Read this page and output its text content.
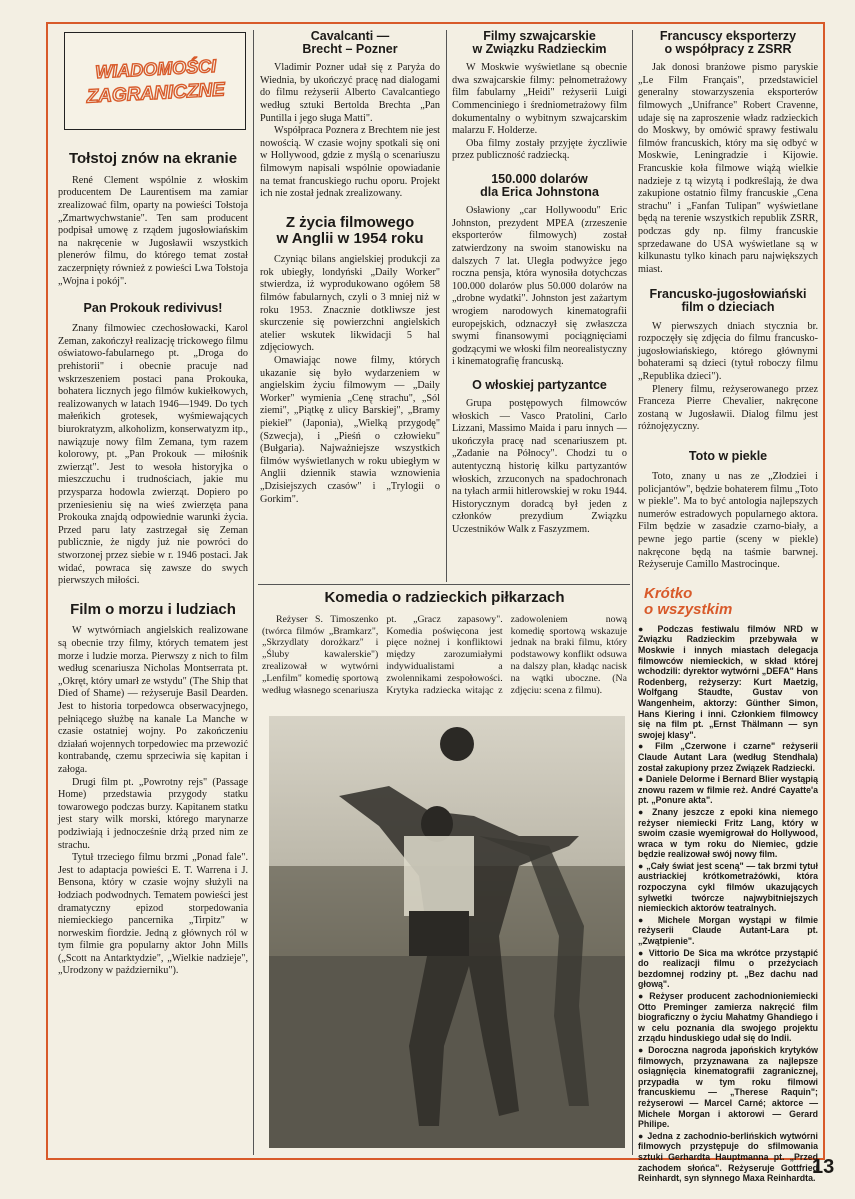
WIADOMOŚCI
ZAGRANICZNE

Tołstoj znów na ekranie

René Clement wspólnie z włoskim producentem De Laurentisem ma zamiar zrealizować film, oparty na powieści Tołstoja „Zmartwychwstanie". Ten sam producent podpisał umowę z rządem jugosłowiańskim na nakręcenie w Jugosławii wszystkich plenerów filmu, do którego temat został zaczerpnięty również z powieści Lwa Tołstoja „Wojna i pokój".

Pan Prokouk redivivus!

Znany filmowiec czechosłowacki, Karol Zeman, zakończył realizację trickowego filmu oświatowo-fabularnego pt. „Droga do prehistorii" i obecnie pracuje nad wskrzeszeniem postaci pana Prokouka, bohatera licznych jego filmów kukiełkowych, realizowanych w latach 1946—1949. Do tych małeńkich grotesek, wyśmiewających biurokratyzm, alkoholizm, konserwatyzm itp., nawiązuje nowy film Zemana, tym razem kolorowy, pt. „Pan Prokouk — miłośnik zwierząt". Jest to wesoła historyjka o mieszczuchu i trudnościach, jakie mu przysparza hodowla zwierząt. Dopiero po przeniesieniu się na wieś zwierzęta pana Prokouka znajdą odpowiednie warunki życia. Przed paru laty zastrzegał się Zeman publicznie, że nigdy już nie powróci do stworzonej przez siebie w r. 1946 postaci. Jak widać, powraca się zawsze do swych pierwszych miłości.

Film o morzu i ludziach

W wytwórniach angielskich realizowane są obecnie trzy filmy, których tematem jest morze i ludzie morza. Pierwszy z nich to film według scenariusza Nicholas Montserrata pt. „Okręt, który umarł ze wstydu" (The Ship that Died of Shame) — reżyseruje Basil Dearden. Jest to historia torpedowca obserwacyjnego, pełniącego służbę na kanale La Manche w czasie ostatniej wojny. Po zakończeniu działań wojennych torpedowiec ma przewozić kontrabandę, czemu sprzeciwia się kapitan i załoga.

Drugi film pt. „Powrotny rejs" (Passage Home) przedstawia przygody statku towarowego podczas burzy. Kapitanem statku jest stary wilk morski, którego marynarze podziwiają i jednocześnie drżą przed nim ze strachu.

Tytuł trzeciego filmu brzmi „Ponad fale". Jest to adaptacja powieści E. T. Warrena i J. Bensona, który w czasie wojny służyli na łodziach podwodnych. Tematem powieści jest dramatyczny epizod storpedowania niemieckiego pancernika „Tirpitz" w norweskim fiordzie. Jedną z głównych ról w tym filmie gra popularny aktor John Mills („Scott na Antarktydzie", „Wielkie nadzieje", „Urodzony w październiku").

Cavalcanti —

Brecht – Pozner

Vladimir Pozner udał się z Paryża do Wiednia, by ukończyć pracę nad dialogami do filmu reżyserii Alberto Cavalcantiego według sztuki Bertolda Brechta „Pan Puntilla i jego sługa Matti".

Współpraca Poznera z Brechtem nie jest nowością. W czasie wojny spotkali się oni w Hollywood, gdzie z myślą o scenariuszu filmowym napisali wspólnie opowiadanie na temat francuskiego ruchu oporu. Projekt ich nie został jednak zrealizowany.

Z życia filmowego

w Anglii w 1954 roku

Czyniąc bilans angielskiej produkcji za rok ubiegły, londyński „Daily Worker" stwierdza, iż wyprodukowano ogółem 58 filmów fabularnych, czyli o 3 mniej niż w roku 1953. Znacznie dotkliwsze jest skurczenie się powierzchni angielskich atelier wskutek likwidacji 5 hal zdjęciowych.

Omawiając nowe filmy, których ukazanie się było wydarzeniem w angielskim życiu filmowym — „Daily Worker" wymienia „Cenę strachu", „Sól ziemi", „Piątkę z ulicy Barskiej", „Bramy piekieł" (Japonia), „Wielką przygodę" (Szwecja), i „Pieśń o człowieku" (Bułgaria). Najważniejsze wszystkich filmów wyświetlanych w roku ubiegłym w Anglii dziennik stawia wznowienia „Dzisiejszych czasów" i „Trylogii o Gorkim".

Filmy szwajcarskie

w Związku Radzieckim

W Moskwie wyświetlane są obecnie dwa szwajcarskie filmy: pełnometrażowy film fabularny „Heidi" reżyserii Luigi Commenciniego i średniometrażowy film dokumentalny o wybitnym szwajcarskim malarzu F. Holderze.

Oba filmy zostały przyjęte życzliwie przez publiczność radziecką.

150.000 dolarów

dla Erica Johnstona

Osławiony „car Hollywoodu" Eric Johnston, prezydent MPEA (zrzeszenie eksporterów filmowych) został zatwierdzony na swoim stanowisku na dalszych 7 lat. Uległa podwyżce jego roczna pensja, która wynosiła dotychczas 100.000 dolarów plus 50.000 dolarów na „drobne wydatki". Johnston jest zażartym wrogiem narodowych kinematografii europejskich, odznaczył się zwłaszcza swymi finansowymi pociągnięciami godzącymi we włoski film neorealistyczny i kinematografię francuską.

O włoskiej partyzantce

Grupa postępowych filmowców włoskich — Vasco Pratolini, Carlo Lizzani, Massimo Maida i paru innych — ukończyła pracę nad scenariuszem pt. „Zadanie na Północy". Chodzi tu o autentyczną historię kilku partyzantów włoskich, zrzuconych na spadochronach na tyłach armii hitlerowskiej w roku 1944. Historycznym doradcą był jeden z członków prezydium Związku Uczestników Walk z Faszyzmem.

Komedia o radzieckich piłkarzach

Reżyser S. Timoszenko (twórca filmów „Bramkarz", „Skrzydlaty dorożkarz" i „Śluby kawalerskie") zrealizował w wytwórni „Lenfilm" komedię sportową według własnego scenariusza pt. „Gracz zapasowy". Komedia poświęcona jest pięce nożnej i konfliktowi między zarozumiałymi indywidualistami a zwolennikami zespołowości. Krytyka radziecka witając z zadowoleniem nową komedię sportową wskazuje jednak na braki filmu, który podstawowy konflikt odsuwa na dalszy plan, kładąc nacisk na wątki uboczne. (Na zdjęciu: scena z filmu).

Francuscy eksporterzy

o współpracy z ZSRR

Jak donosi branżowe pismo paryskie „Le Film Français", przedstawiciel generalny stowarzyszenia eksporterów filmowych „Unifrance" Robert Cravenne, udaje się na zaproszenie władz radzieckich do Moskwy, by omówić sprawy festiwalu filmów francuskich, który ma się odbyć w Moskwie, Leningradzie i Kijowie. Francuskie koła filmowe wiążą wielkie nadzieje z tą wizytą i podkreślają, że dwa zakupione ostatnio filmy francuskie „Cena strachu" i „Fanfan Tulipan" wyświetlane będą na terenie wszystkich republik ZSRR, podczas gdy np. filmy francuskie sprzedawane do USA wyświetlane są w kilkunastu tylko kinach paru największych miast.

Francusko-jugosłowiański

film o dzieciach

W pierwszych dniach stycznia br. rozpoczęły się zdjęcia do filmu francusko-jugosłowiańskiego, którego głównymi bohaterami są dzieci (tytuł roboczy filmu „Republika dzieci").

Plenery filmu, reżyserowanego przez Franceza Pierre Chevalier, nakręcone zostaną w Jugosławii. Dialog filmu jest różnojęzyczny.

Toto w piekle

Toto, znany u nas ze „Złodziei i policjantów", będzie bohaterem filmu „Toto w piekle". Ma to być antologia najlepszych numerów estradowych popularnego aktora. Film będzie w zasadzie czarno-biały, a pewne jego partie (sceny w piekle) nakręcone będą na taśmie barwnej. Reżyseruje Camillo Mastrocinque.

Krótko

o wszystkim

● Podczas festiwalu filmów NRD w Związku Radzieckim przebywała w Moskwie i innych miastach delegacja filmowców niemieckich, w skład której wchodzili: dyrektor wytwórni „DEFA" Hans Rodenberg, reżyserzy: Kurt Maetzig, Wolfgang Staudte, Gustav von Wangenheim, aktorzy: Günther Simon, Hans Kiering i inni. Członkiem filmowcy się na film pt. „Ernst Thälmann — syn swojej klasy".

● Film „Czerwone i czarne" reżyserii Claude Autant Lara (według Stendhala) został zakupiony przez Związek Radziecki.

● Daniele Delorme i Bernard Blier wystąpią znowu razem w filmie reż. André Cayatte'a pt. „Ponure akta".

● Znany jeszcze z epoki kina niemego reżyser niemiecki Fritz Lang, który w swoim czasie wyemigrował do Hollywood, wraca w tym roku do Niemiec, gdzie będzie realizował swój nowy film.

● „Cały świat jest sceną" — tak brzmi tytuł austriackiej krótkometrażówki, która rozpoczyna cykl filmów ukazujących sylwetki twórcze najwybitniejszych niemieckich aktorów teatralnych.

● Michele Morgan wystąpi w filmie reżyserii Claude Autant-Lara pt. „Zwątpienie".

● Vittorio De Sica ma wkrótce przystąpić do realizacji filmu o przeżyciach bezdomnej rodziny pt. „Bez dachu nad głową".

● Reżyser producent zachodnioniemiecki Otto Preminger zamierza nakręcić film biograficzny o życiu Mahatmy Ghandiego i w celu poznania dla swojego projektu zrządu hinduskiego udał się do Indii.

● Doroczna nagroda japońskich krytyków filmowych, przyznawana za najlepsze osiągnięcia kinematografii zagranicznej, przypadła w tym roku filmowi francuskiemu — „Therese Raquin"; reżyserowi — Marcel Carné; aktorce — Michele Morgan i aktorowi — Gerard Philipe.

● Jedna z zachodnio-berlińskich wytwórni filmowych przystępuje do sfilmowania sztuki Gerhardta Hauptmanna pt. „Przed zachodem słońca". Reżyseruje Gottfried Reinhardt, syn słynnego Maxa Reinhardta.

13
